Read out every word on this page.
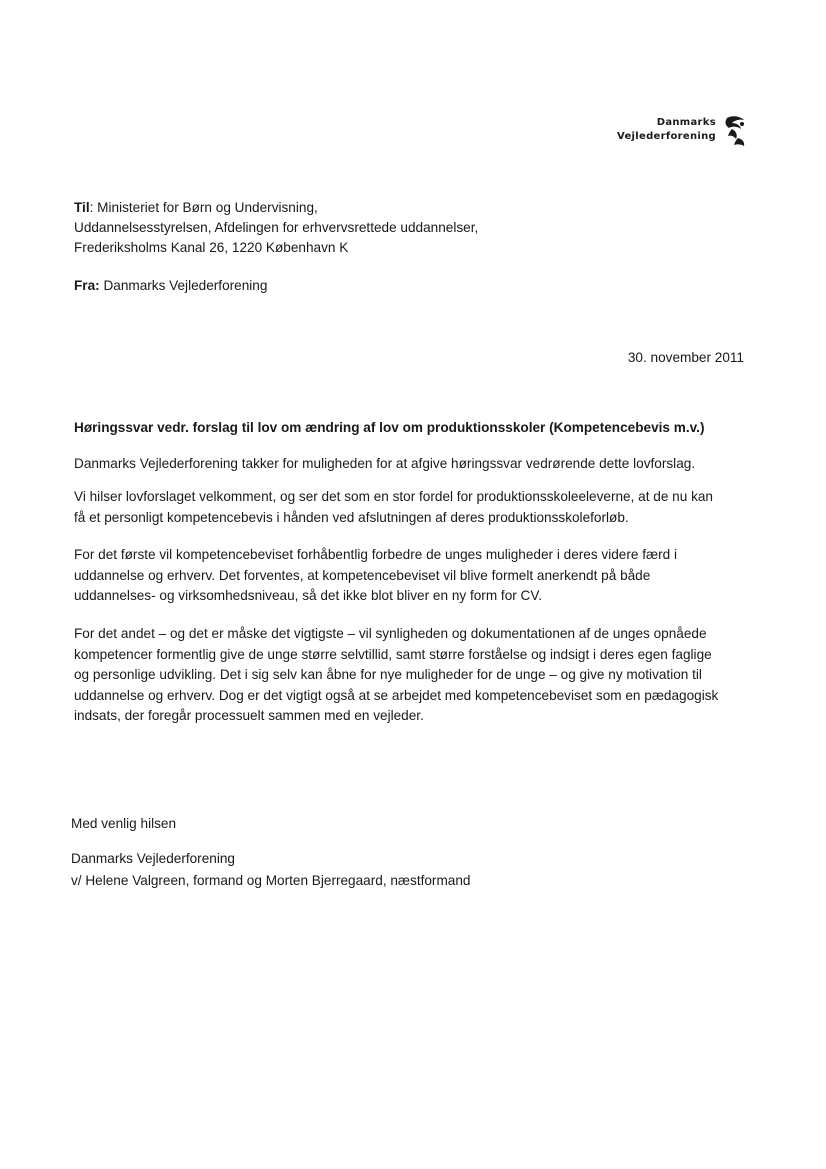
Danmarks
Vejlederforening

Til: Ministeriet for Børn og Undervisning,

Uddannelsesstyrelsen, Afdelingen for erhvervsrettede uddannelser,

Frederiksholms Kanal 26, 1220 København K

Fra: Danmarks Vejlederforening

30. november 2011
Høringssvar vedr. forslag til lov om ændring af lov om produktionsskoler (Kompetencebevis m.v.)
Danmarks Vejlederforening takker for muligheden for at afgive høringssvar vedrørende dette lovforslag.
Vi hilser lovforslaget velkomment, og ser det som en stor fordel for produktionsskoleeleverne, at de nu kan
få et personligt kompetencebevis i hånden ved afslutningen af deres produktionsskoleforløb.
For det første vil kompetencebeviset forhåbentlig forbedre de unges muligheder i deres videre færd i
uddannelse og erhverv. Det forventes, at kompetencebeviset vil blive formelt anerkendt på både
uddannelses- og virksomhedsniveau, så det ikke blot bliver en ny form for CV.
For det andet – og det er måske det vigtigste – vil synligheden og dokumentationen af de unges opnåede
kompetencer formentlig give de unge større selvtillid, samt større forståelse og indsigt i deres egen faglige
og personlige udvikling. Det i sig selv kan åbne for nye muligheder for de unge – og give ny motivation til
uddannelse og erhverv. Dog er det vigtigt også at se arbejdet med kompetencebeviset som en pædagogisk
indsats, der foregår processuelt sammen med en vejleder.
Med venlig hilsen
Danmarks Vejlederforening
v/ Helene Valgreen, formand og Morten Bjerregaard, næstformand
